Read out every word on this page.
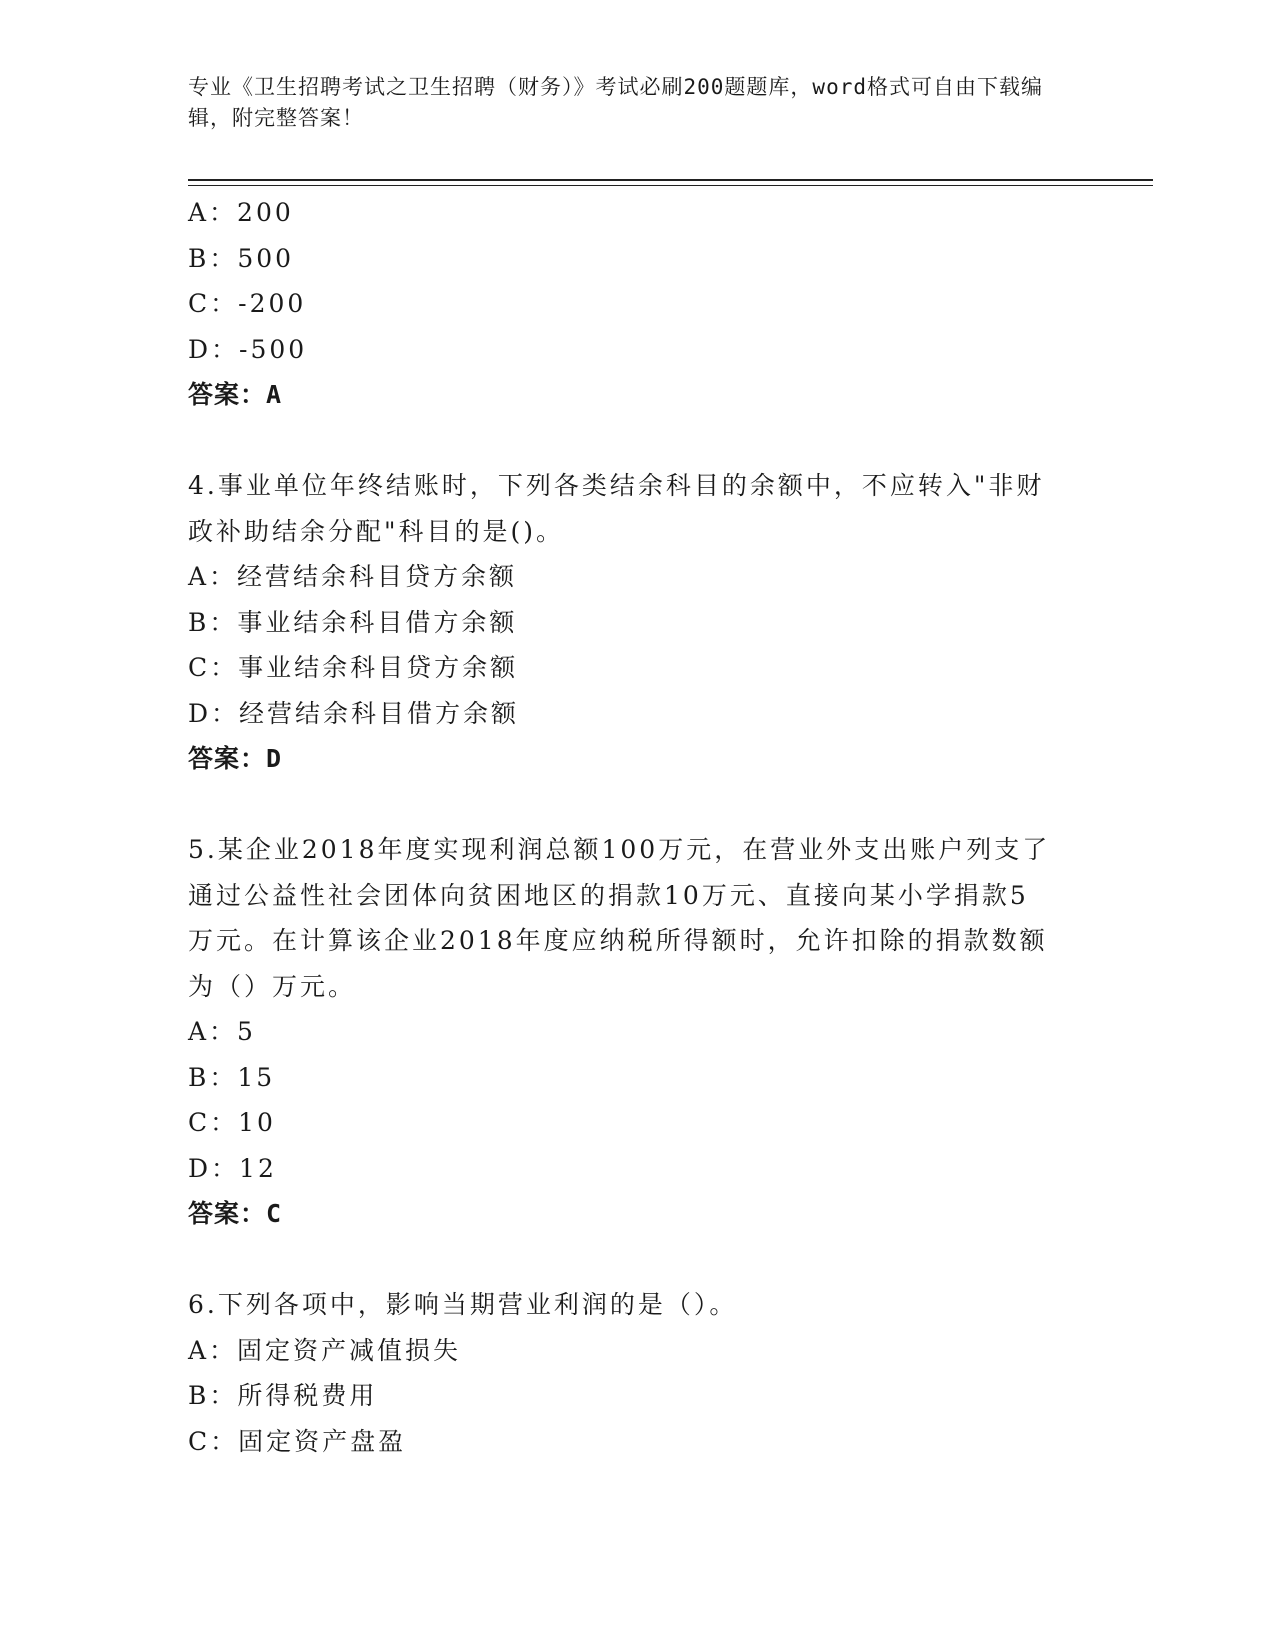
专业《卫生招聘考试之卫生招聘（财务）》考试必刷200题题库，word格式可自由下载编辑，附完整答案！

A：200

B：500

C：-200

D：-500

答案：A

4.事业单位年终结账时，下列各类结余科目的余额中，不应转入"非财

政补助结余分配"科目的是()。

A：经营结余科目贷方余额

B：事业结余科目借方余额

C：事业结余科目贷方余额

D：经营结余科目借方余额

答案：D

5.某企业2018年度实现利润总额100万元，在营业外支出账户列支了

通过公益性社会团体向贫困地区的捐款10万元、直接向某小学捐款5

万元。在计算该企业2018年度应纳税所得额时，允许扣除的捐款数额

为（）万元。

A：5

B：15

C：10

D：12

答案：C

6.下列各项中，影响当期营业利润的是（）。

A：固定资产减值损失

B：所得税费用

C：固定资产盘盈
